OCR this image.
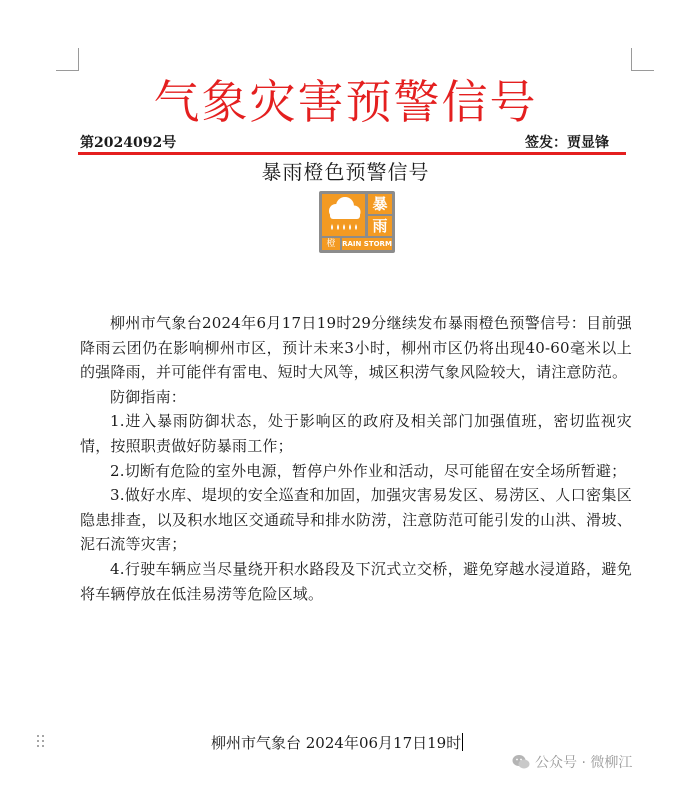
气象灾害预警信号
第2024092号	签发：贾显锋
暴雨橙色预警信号
暴
雨
橙 RAIN STORM

柳州市气象台2024年6月17日19时29分继续发布暴雨橙色预警信号：目前强降雨云团仍在影响柳州市区，预计未来3小时，柳州市区仍将出现40-60毫米以上的强降雨，并可能伴有雷电、短时大风等，城区积涝气象风险较大，请注意防范。

防御指南：

1.进入暴雨防御状态，处于影响区的政府及相关部门加强值班，密切监视灾情，按照职责做好防暴雨工作；

2.切断有危险的室外电源，暂停户外作业和活动，尽可能留在安全场所暂避；

3.做好水库、堤坝的安全巡查和加固，加强灾害易发区、易涝区、人口密集区隐患排查，以及积水地区交通疏导和排水防涝，注意防范可能引发的山洪、滑坡、泥石流等灾害；

4.行驶车辆应当尽量绕开积水路段及下沉式立交桥，避免穿越水浸道路，避免将车辆停放在低洼易涝等危险区域。

柳州市气象台 2024年06月17日19时
公众号 · 微柳江
